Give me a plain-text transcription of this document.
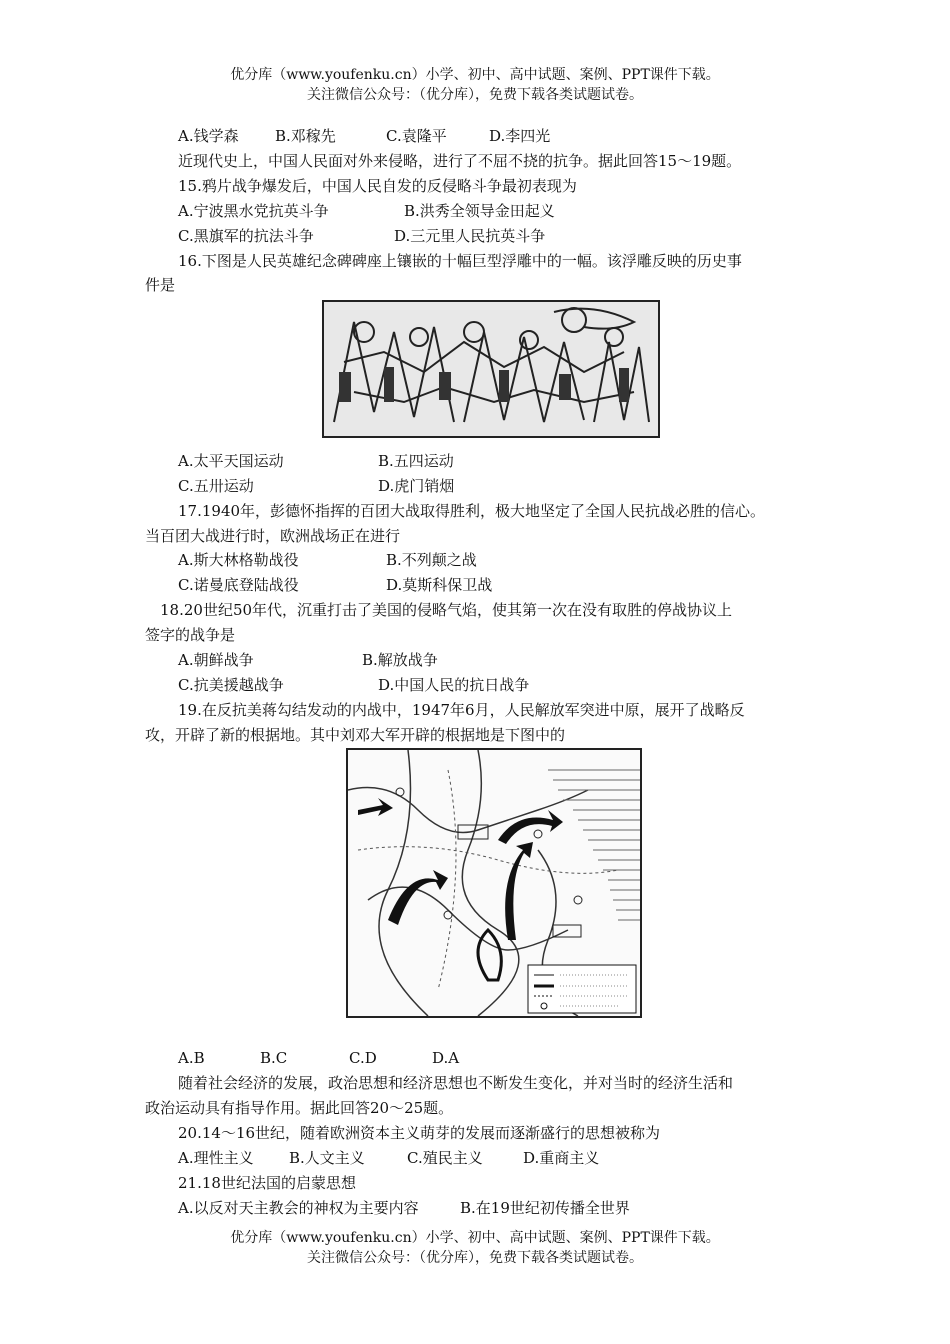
优分库（www.youfenku.cn）小学、初中、高中试题、案例、PPT课件下载。
关注微信公众号：（优分库），免费下载各类试题试卷。
A.钱学森 B.邓稼先	C.袁隆平	D.李四光
近现代史上，中国人民面对外来侵略，进行了不屈不挠的抗争。据此回答15～19题。
15.鸦片战争爆发后，中国人民自发的反侵略斗争最初表现为
A.宁波黑水党抗英斗争	B.洪秀全领导金田起义
C.黑旗军的抗法斗争	D.三元里人民抗英斗争
16.下图是人民英雄纪念碑碑座上镶嵌的十幅巨型浮雕中的一幅。该浮雕反映的历史事
件是
A.太平天国运动	B.五四运动
C.五卅运动	D.虎门销烟
17.1940年，彭德怀指挥的百团大战取得胜利，极大地坚定了全国人民抗战必胜的信心。
当百团大战进行时，欧洲战场正在进行
A.斯大林格勒战役	B.不列颠之战
C.诺曼底登陆战役	D.莫斯科保卫战
18.20世纪50年代，沉重打击了美国的侵略气焰，使其第一次在没有取胜的停战协议上
签字的战争是
A.朝鲜战争	B.解放战争
C.抗美援越战争	D.中国人民的抗日战争
19.在反抗美蒋勾结发动的内战中，1947年6月，人民解放军突进中原，展开了战略反
攻，开辟了新的根据地。其中刘邓大军开辟的根据地是下图中的
A.B	B.C	C.D	D.A
随着社会经济的发展，政治思想和经济思想也不断发生变化，并对当时的经济生活和
政治运动具有指导作用。据此回答20～25题。
20.14～16世纪，随着欧洲资本主义萌芽的发展而逐渐盛行的思想被称为
A.理性主义 B.人文主义	C.殖民主义	D.重商主义
21.18世纪法国的启蒙思想
A.以反对天主教会的神权为主要内容	B.在19世纪初传播全世界
优分库（www.youfenku.cn）小学、初中、高中试题、案例、PPT课件下载。
关注微信公众号：（优分库），免费下载各类试题试卷。
